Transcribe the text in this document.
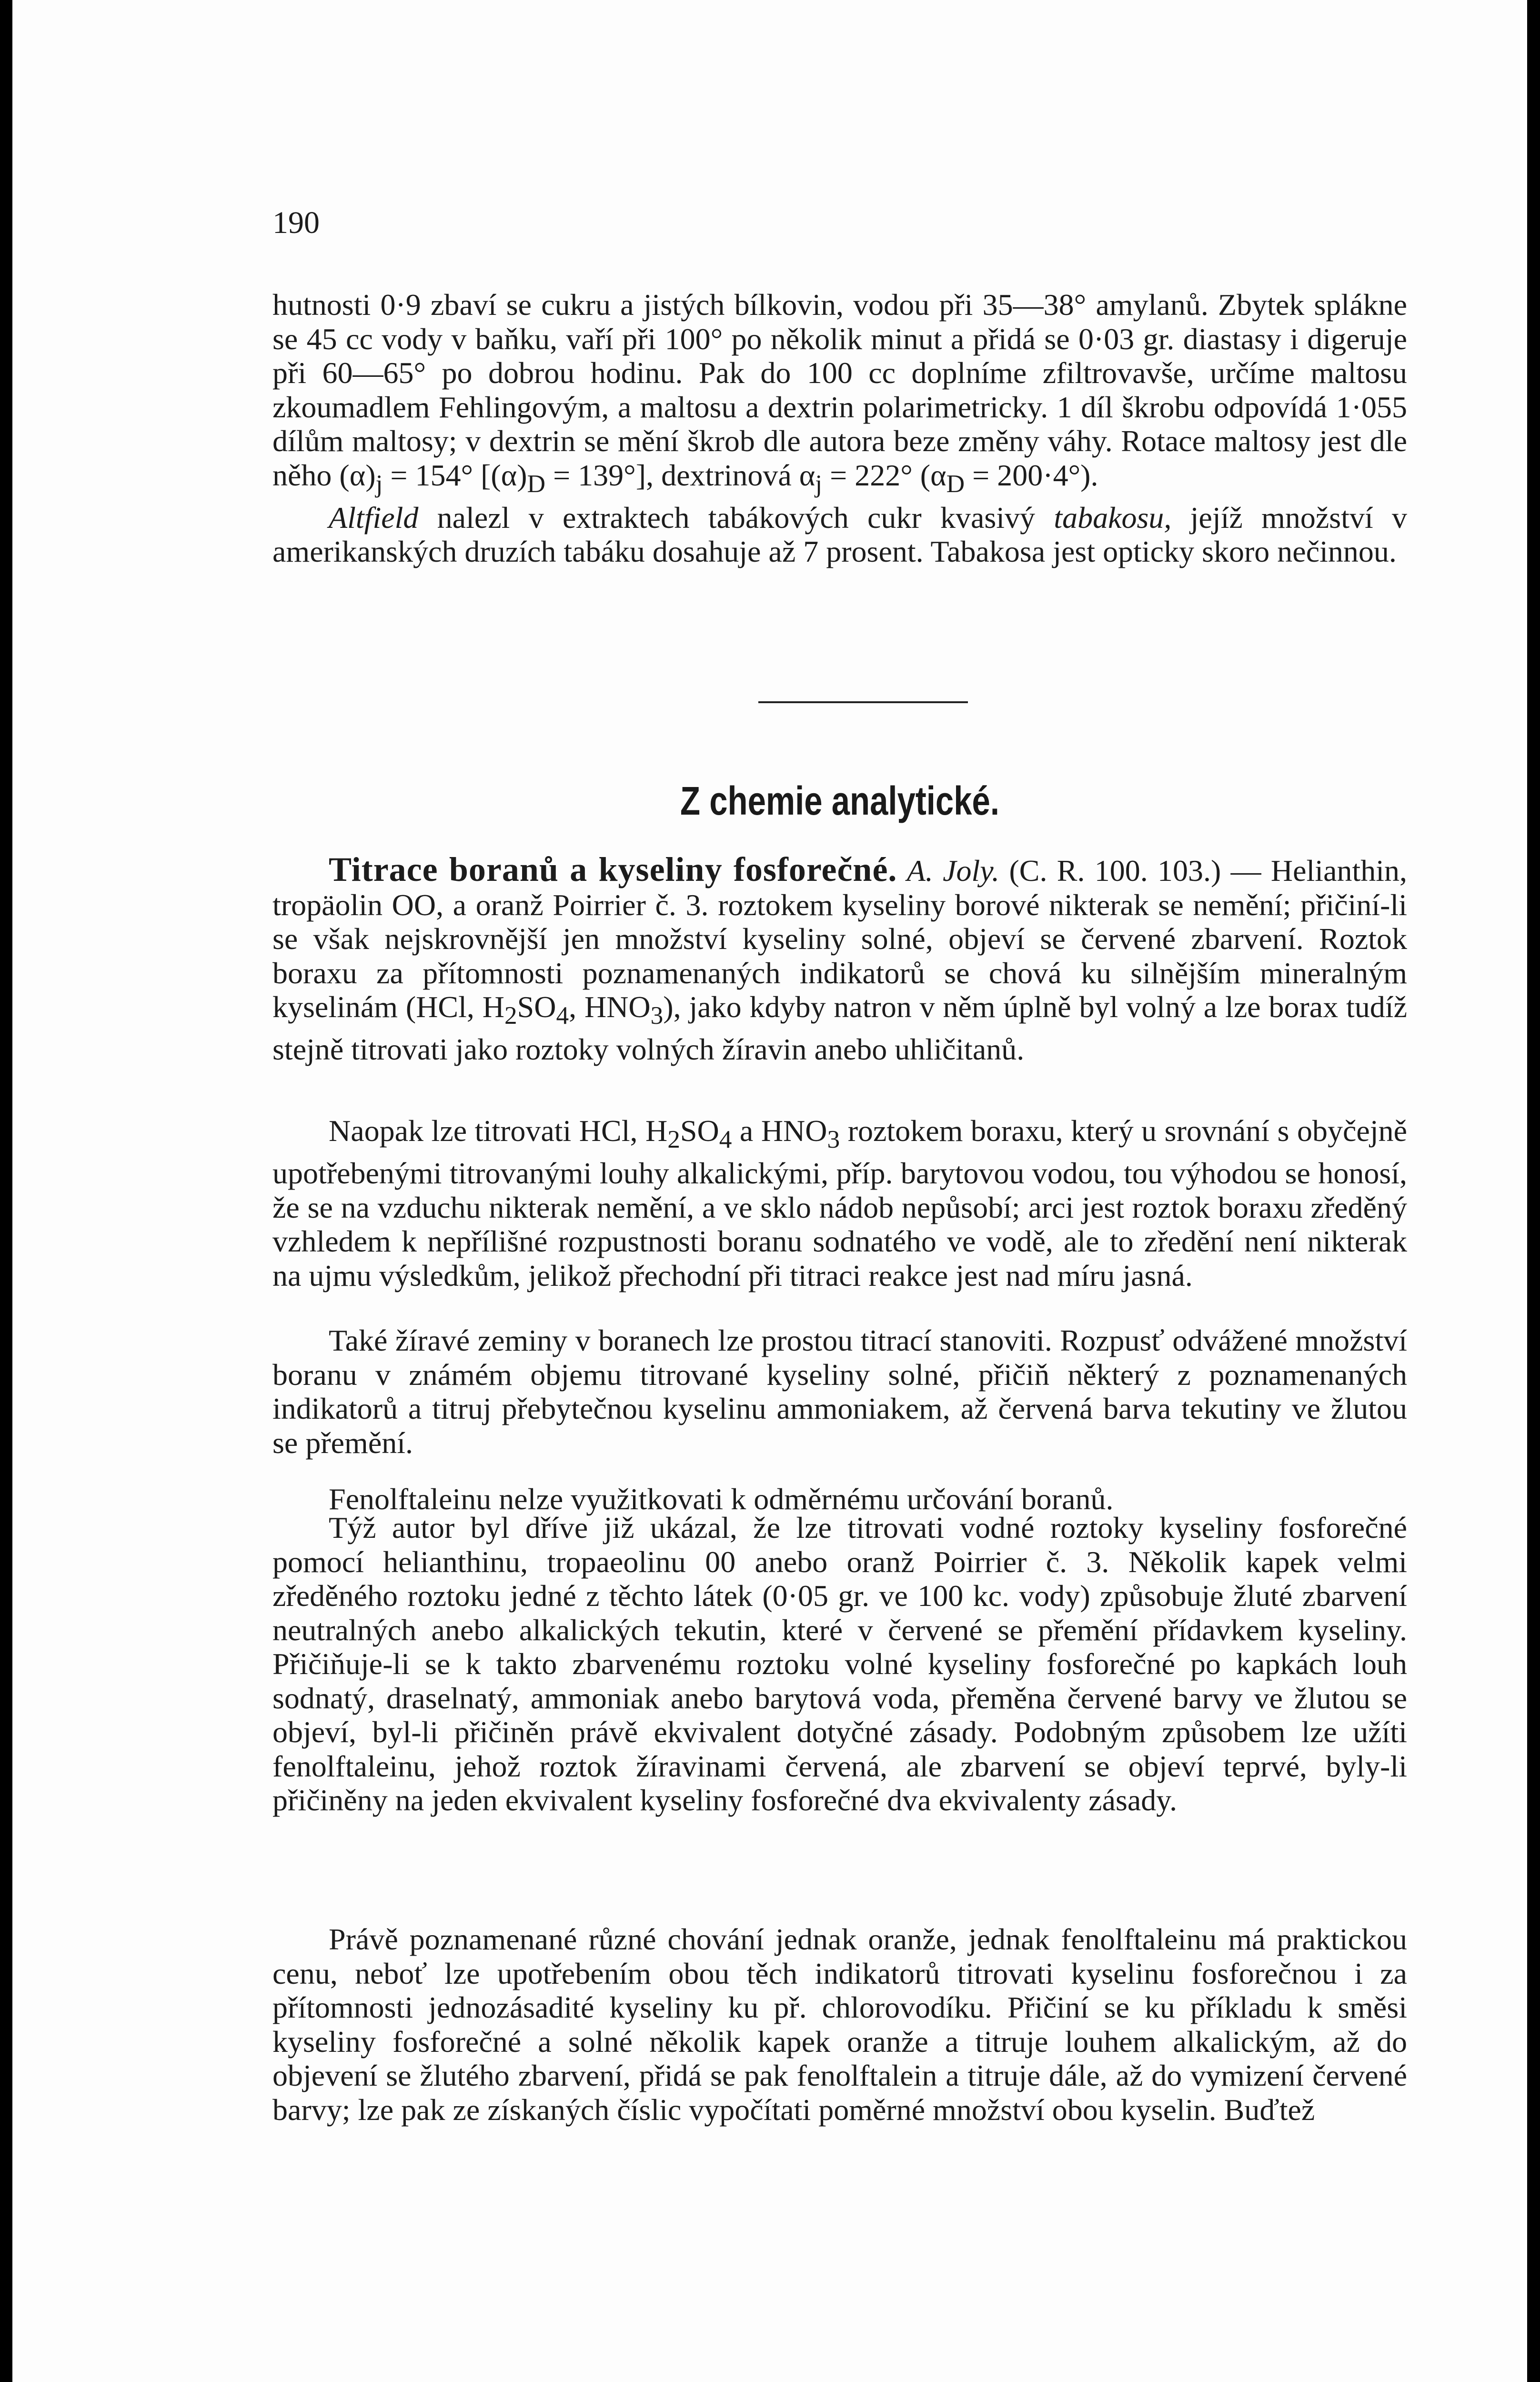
190

hutnosti 0·9 zbaví se cukru a jistých bílkovin, vodou při 35—38° amylanů. Zbytek splákne se 45 cc vody v baňku, vaří při 100° po několik minut a přidá se 0·03 gr. diastasy i digeruje při 60—65° po dobrou hodinu. Pak do 100 cc doplníme zfiltrovavše, určíme maltosu zkoumadlem Fehlingovým, a maltosu a dextrin polarimetricky. 1 díl škrobu odpovídá 1·055 dílům maltosy; v dextrin se mění škrob dle autora beze změny váhy. Rotace maltosy jest dle něho $(\alpha)_j = 154^\circ$ $[(\alpha)_D = 139^\circ]$, dextrinová $\alpha_j = 222^\circ$ $(\alpha_D = 200\cdot 4^\circ)$.
Altfield nalezl v extraktech tabákových cukr kvasivý tabakosu, jejíž množství v amerikanských druzích tabáku dosahuje až 7 prosent. Tabakosa jest opticky skoro nečinnou.

Z chemie analytické.

Titrace boranů a kyseliny fosforečné. A. Joly. (C. R. 100. 103.) — Helianthin, tropäolin OO, a oranž Poirrier č. 3. roztokem kyseliny borové nikterak se nemění; přičiní-li se však nejskrovnější jen množství kyseliny solné, objeví se červené zbarvení. Roztok boraxu za přítomnosti poznamenaných indikatorů se chová ku silnějším mineralným kyselinám (HCl, $H_2SO_4$, $HNO_3$), jako kdyby natron v něm úplně byl volný a lze borax tudíž stejně titrovati jako roztoky volných žíravin anebo uhličitanů.

Naopak lze titrovati HCl, $H_2SO_4$ a $HNO_3$ roztokem boraxu, který u srovnání s obyčejně upotřebenými titrovanými louhy alkalickými, příp. barytovou vodou, tou výhodou se honosí, že se na vzduchu nikterak nemění, a ve sklo nádob nepůsobí; arci jest roztok boraxu zředěný vzhledem k nepřílišné rozpustnosti boranu sodnatého ve vodě, ale to zředění není nikterak na ujmu výsledkům, jelikož přechodní při titraci reakce jest nad míru jasná.

Také žíravé zeminy v boranech lze prostou titrací stanoviti. Rozpusť odvážené množství boranu v známém objemu titrované kyseliny solné, přičiň některý z poznamenaných indikatorů a titruj přebytečnou kyselinu ammoniakem, až červená barva tekutiny ve žlutou se přemění.

Fenolftaleinu nelze využitkovati k odměrnému určování boranů.

Týž autor byl dříve již ukázal, že lze titrovati vodné roztoky kyseliny fosforečné pomocí helianthinu, tropaeolinu 00 anebo oranž Poirrier č. 3. Několik kapek velmi zředěného roztoku jedné z těchto látek (0·05 gr. ve 100 kc. vody) způsobuje žluté zbarvení neutralných anebo alkalických tekutin, které v červené se přemění přídavkem kyseliny. Přičiňuje-li se k takto zbarvenému roztoku volné kyseliny fosforečné po kapkách louh sodnatý, draselnatý, ammoniak anebo barytová voda, přeměna červené barvy ve žlutou se objeví, byl-li přičiněn právě ekvivalent dotyčné zásady. Podobným způsobem lze užíti fenolftaleinu, jehož roztok žíravinami červená, ale zbarvení se objeví teprvé, byly-li přičiněny na jeden ekvivalent kyseliny fosforečné dva ekvivalenty zásady.

Právě poznamenané různé chování jednak oranže, jednak fenolftaleinu má praktickou cenu, neboť lze upotřebením obou těch indikatorů titrovati kyselinu fosforečnou i za přítomnosti jednozásadité kyseliny ku př. chlorovodíku. Přičiní se ku příkladu k směsi kyseliny fosforečné a solné několik kapek oranže a titruje louhem alkalickým, až do objevení se žlutého zbarvení, přidá se pak fenolftalein a titruje dále, až do vymizení červené barvy; lze pak ze získaných číslic vypočítati poměrné množství obou kyselin. Buďtež
